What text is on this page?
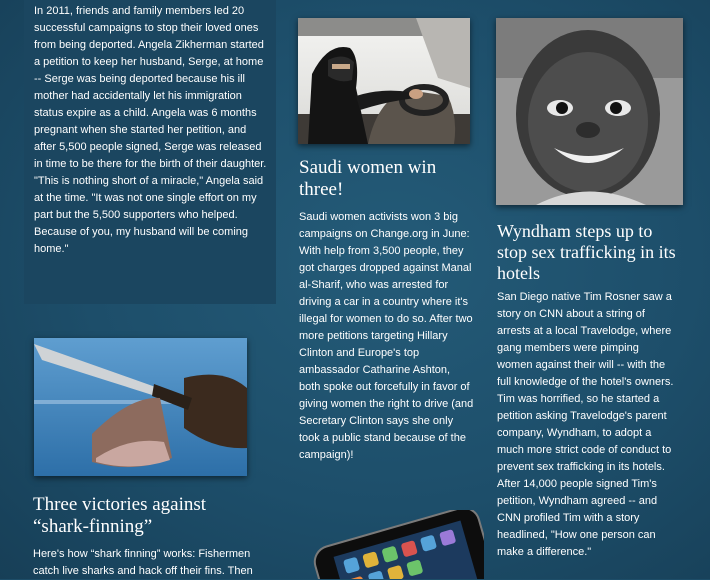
In 2011, friends and family members led 20 successful campaigns to stop their loved ones from being deported. Angela Zikherman started a petition to keep her husband, Serge, at home -- Serge was being deported because his ill mother had accidentally let his immigration status expire as a child. Angela was 6 months pregnant when she started her petition, and after 5,500 people signed, Serge was released in time to be there for the birth of their daughter. "This is nothing short of a miracle," Angela said at the time. "It was not one single effort on my part but the 5,500 supporters who helped. Because of you, my husband will be coming home."

Saudi women win three!

Saudi women activists won 3 big campaigns on Change.org in June: With help from 3,500 people, they got charges dropped against Manal al-Sharif, who was arrested for driving a car in a country where it's illegal for women to do so. After two more petitions targeting Hillary Clinton and Europe's top ambassador Catharine Ashton, both spoke out forcefully in favor of giving women the right to drive (and Secretary Clinton says she only took a public stand because of the campaign)!

Wyndham steps up to stop sex trafficking in its hotels

San Diego native Tim Rosner saw a story on CNN about a string of arrests at a local Travelodge, where gang members were pimping women against their will -- with the full knowledge of the hotel's owners. Tim was horrified, so he started a petition asking Travelodge's parent company, Wyndham, to adopt a much more strict code of conduct to prevent sex trafficking in its hotels. After 14,000 people signed Tim's petition, Wyndham agreed -- and CNN profiled Tim with a story headlined, "How one person can make a difference."

Three victories against “shark-finning”

Here's how “shark finning” works: Fishermen catch live sharks and hack off their fins. Then
